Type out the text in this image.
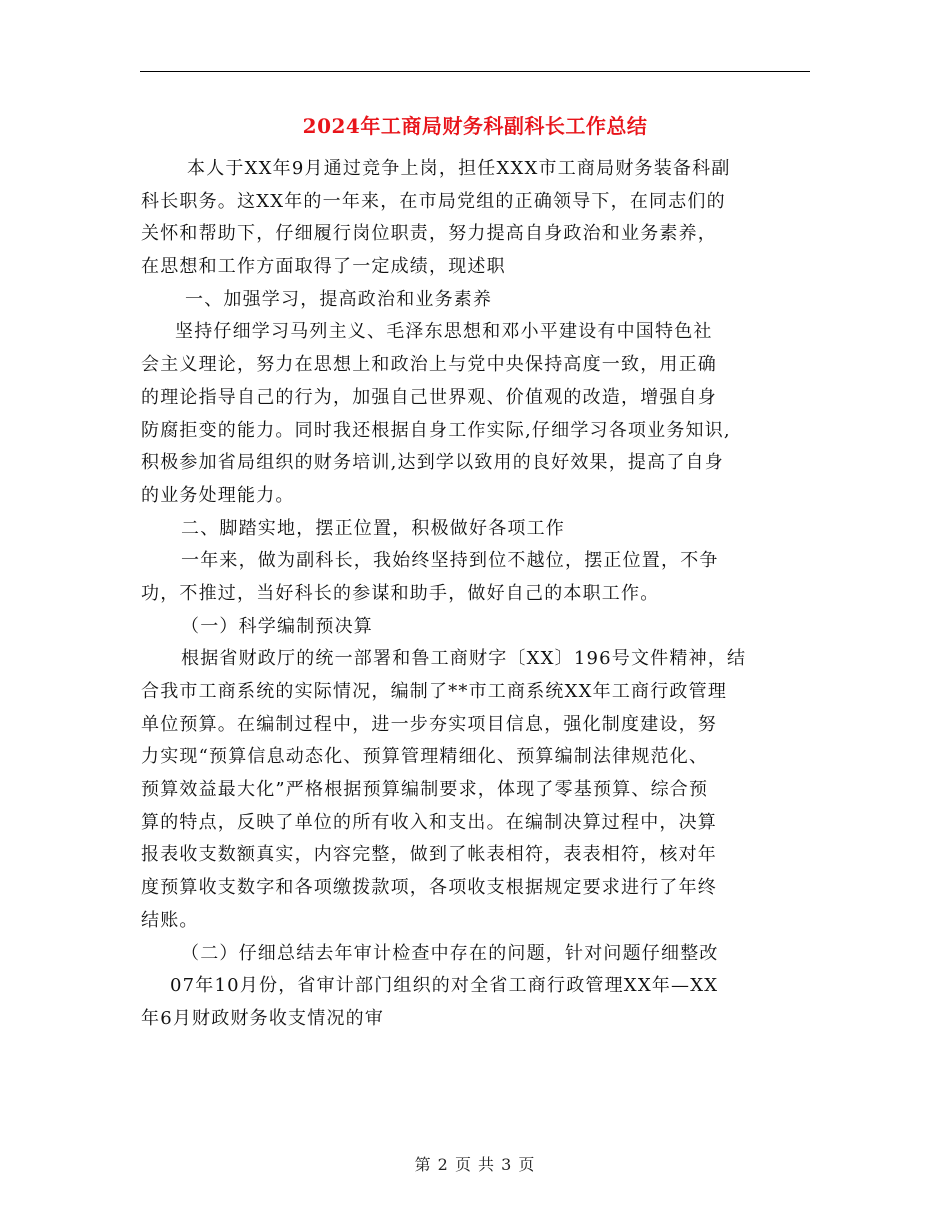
2024年工商局财务科副科长工作总结
本人于XX年9月通过竞争上岗，担任XXX市工商局财务装备科副
科长职务。这XX年的一年来，在市局党组的正确领导下，在同志们的
关怀和帮助下，仔细履行岗位职责，努力提高自身政治和业务素养，
在思想和工作方面取得了一定成绩，现述职
一、加强学习，提高政治和业务素养
坚持仔细学习马列主义、毛泽东思想和邓小平建设有中国特色社
会主义理论，努力在思想上和政治上与党中央保持高度一致，用正确
的理论指导自己的行为，加强自己世界观、价值观的改造，增强自身
防腐拒变的能力。同时我还根据自身工作实际,仔细学习各项业务知识,
积极参加省局组织的财务培训,达到学以致用的良好效果，提高了自身
的业务处理能力。
二、脚踏实地，摆正位置，积极做好各项工作
一年来，做为副科长，我始终坚持到位不越位，摆正位置，不争
功，不推过，当好科长的参谋和助手，做好自己的本职工作。
（一）科学编制预决算
根据省财政厅的统一部署和鲁工商财字〔XX〕196号文件精神，结
合我市工商系统的实际情况，编制了**市工商系统XX年工商行政管理
单位预算。在编制过程中，进一步夯实项目信息，强化制度建设，努
力实现“预算信息动态化、预算管理精细化、预算编制法律规范化、
预算效益最大化”严格根据预算编制要求，体现了零基预算、综合预
算的特点，反映了单位的所有收入和支出。在编制决算过程中，决算
报表收支数额真实，内容完整，做到了帐表相符，表表相符，核对年
度预算收支数字和各项缴拨款项，各项收支根据规定要求进行了年终
结账。
（二）仔细总结去年审计检查中存在的问题，针对问题仔细整改
07年10月份，省审计部门组织的对全省工商行政管理XX年—XX
年6月财政财务收支情况的审
第 2 页 共 3 页
